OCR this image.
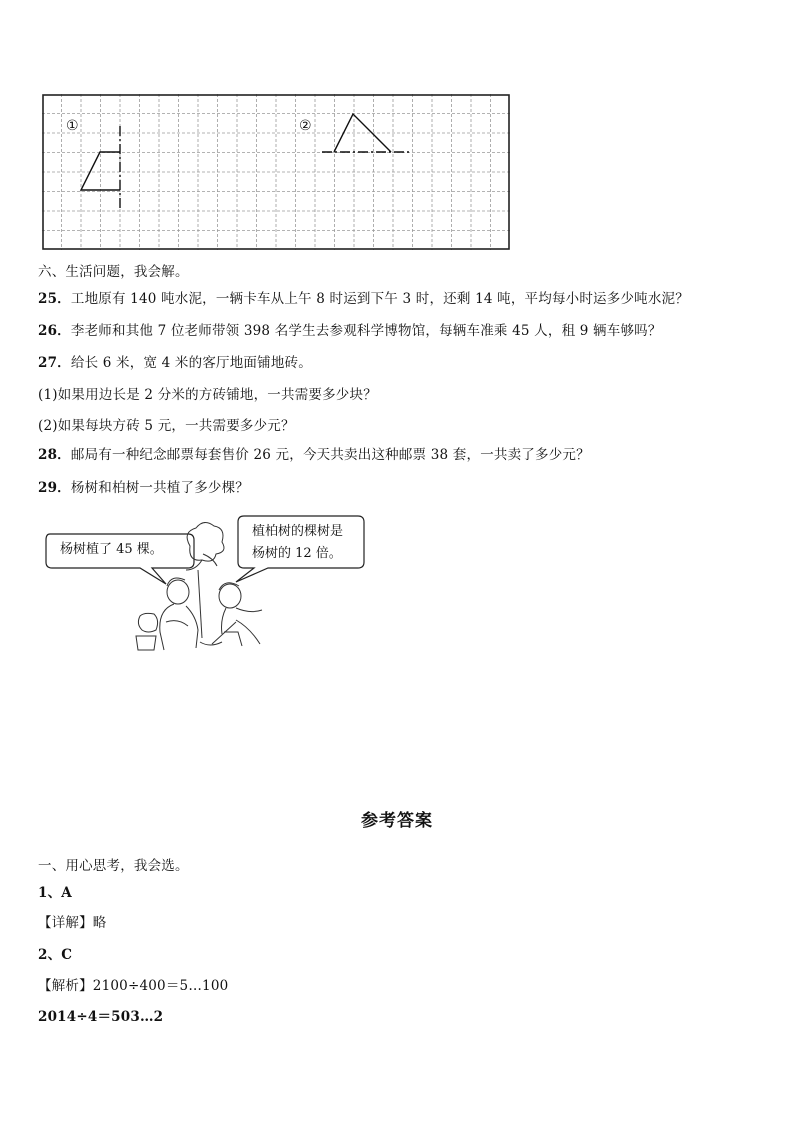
①	②
六、生活问题，我会解。
25．工地原有 140 吨水泥，一辆卡车从上午 8 时运到下午 3 时，还剩 14 吨，平均每小时运多少吨水泥？
26．李老师和其他 7 位老师带领 398 名学生去参观科学博物馆，每辆车准乘 45 人，租 9 辆车够吗？
27．给长 6 米，宽 4 米的客厅地面铺地砖。
(1)如果用边长是 2 分米的方砖铺地，一共需要多少块？
(2)如果每块方砖 5 元，一共需要多少元？
28．邮局有一种纪念邮票每套售价 26 元，今天共卖出这种邮票 38 套，一共卖了多少元？
29．杨树和柏树一共植了多少棵？
杨树植了 45 棵。
植柏树的棵树是
杨树的 12 倍。
参考答案
一、用心思考，我会选。
1、A
【详解】略
2、C
【解析】2100÷400＝5…100
2014÷4＝503…2
